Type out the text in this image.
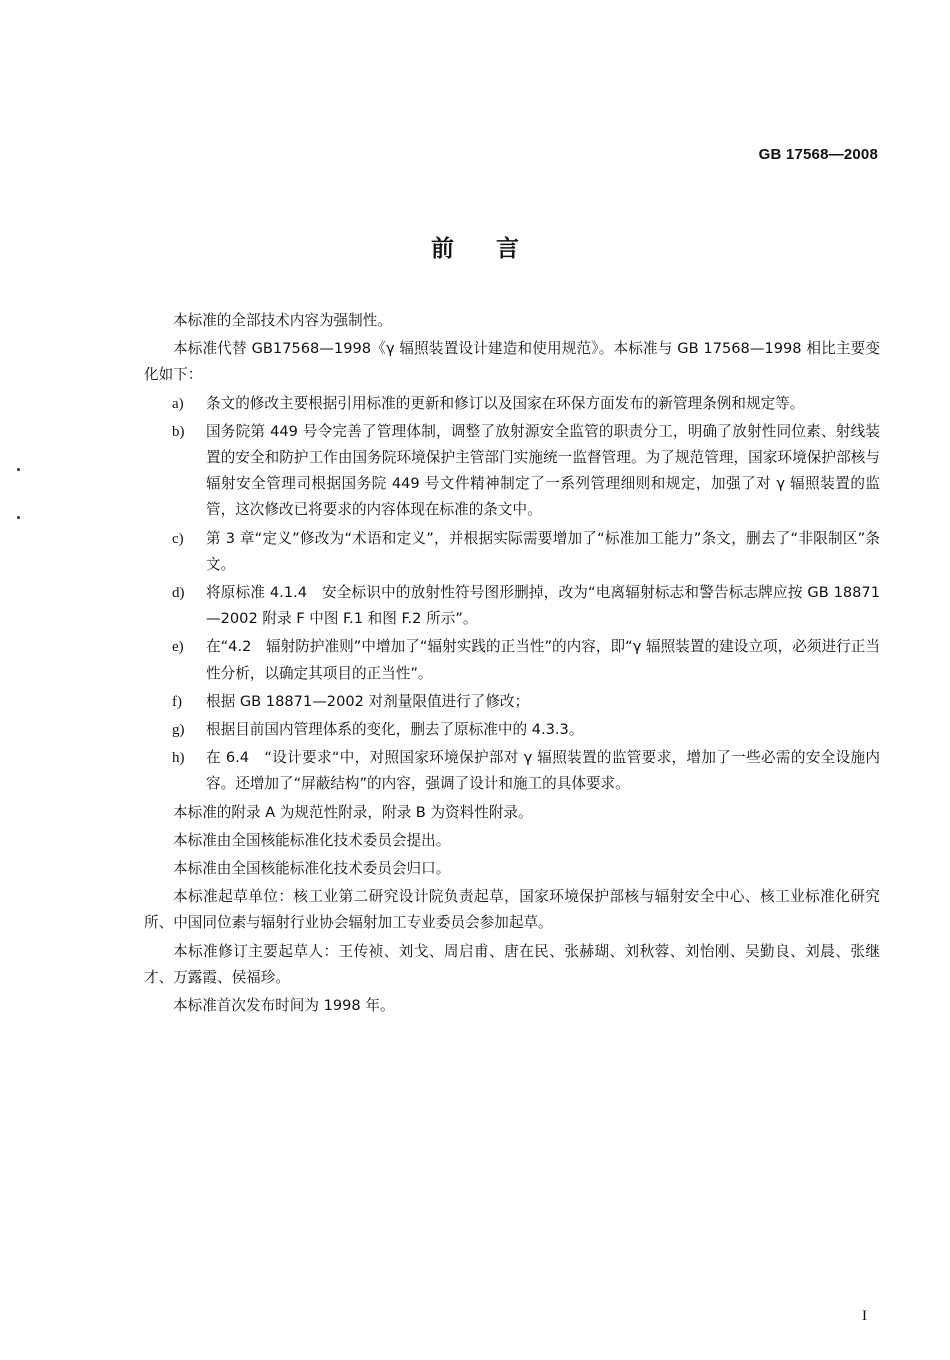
GB 17568—2008
前 言
本标准的全部技术内容为强制性。
本标准代替 GB17568—1998《γ 辐照装置设计建造和使用规范》。本标准与 GB 17568—1998 相比主要变化如下：
a) 条文的修改主要根据引用标准的更新和修订以及国家在环保方面发布的新管理条例和规定等。
b) 国务院第 449 号令完善了管理体制，调整了放射源安全监管的职责分工，明确了放射性同位素、射线装置的安全和防护工作由国务院环境保护主管部门实施统一监督管理。为了规范管理，国家环境保护部核与辐射安全管理司根据国务院 449 号文件精神制定了一系列管理细则和规定，加强了对 γ 辐照装置的监管，这次修改已将要求的内容体现在标准的条文中。
c) 第 3 章“定义”修改为“术语和定义”，并根据实际需要增加了“标准加工能力”条文，删去了“非限制区”条文。
d) 将原标准 4.1.4　安全标识中的放射性符号图形删掉，改为“电离辐射标志和警告标志牌应按 GB 18871—2002 附录 F 中图 F.1 和图 F.2 所示”。
e) 在“4.2　辐射防护准则”中增加了“辐射实践的正当性”的内容，即“γ 辐照装置的建设立项，必须进行正当性分析，以确定其项目的正当性”。
f) 根据 GB 18871—2002 对剂量限值进行了修改；
g) 根据目前国内管理体系的变化，删去了原标准中的 4.3.3。
h) 在 6.4　“设计要求“中，对照国家环境保护部对 γ 辐照装置的监管要求，增加了一些必需的安全设施内容。还增加了“屏蔽结构”的内容，强调了设计和施工的具体要求。
本标准的附录 A 为规范性附录，附录 B 为资料性附录。
本标准由全国核能标准化技术委员会提出。
本标准由全国核能标准化技术委员会归口。
本标准起草单位：核工业第二研究设计院负责起草，国家环境保护部核与辐射安全中心、核工业标准化研究所、中国同位素与辐射行业协会辐射加工专业委员会参加起草。
本标准修订主要起草人：王传祯、刘戈、周启甫、唐在民、张赫瑚、刘秋蓉、刘怡刚、吴勤良、刘晨、张继才、万露霞、侯福珍。
本标准首次发布时间为 1998 年。
I
